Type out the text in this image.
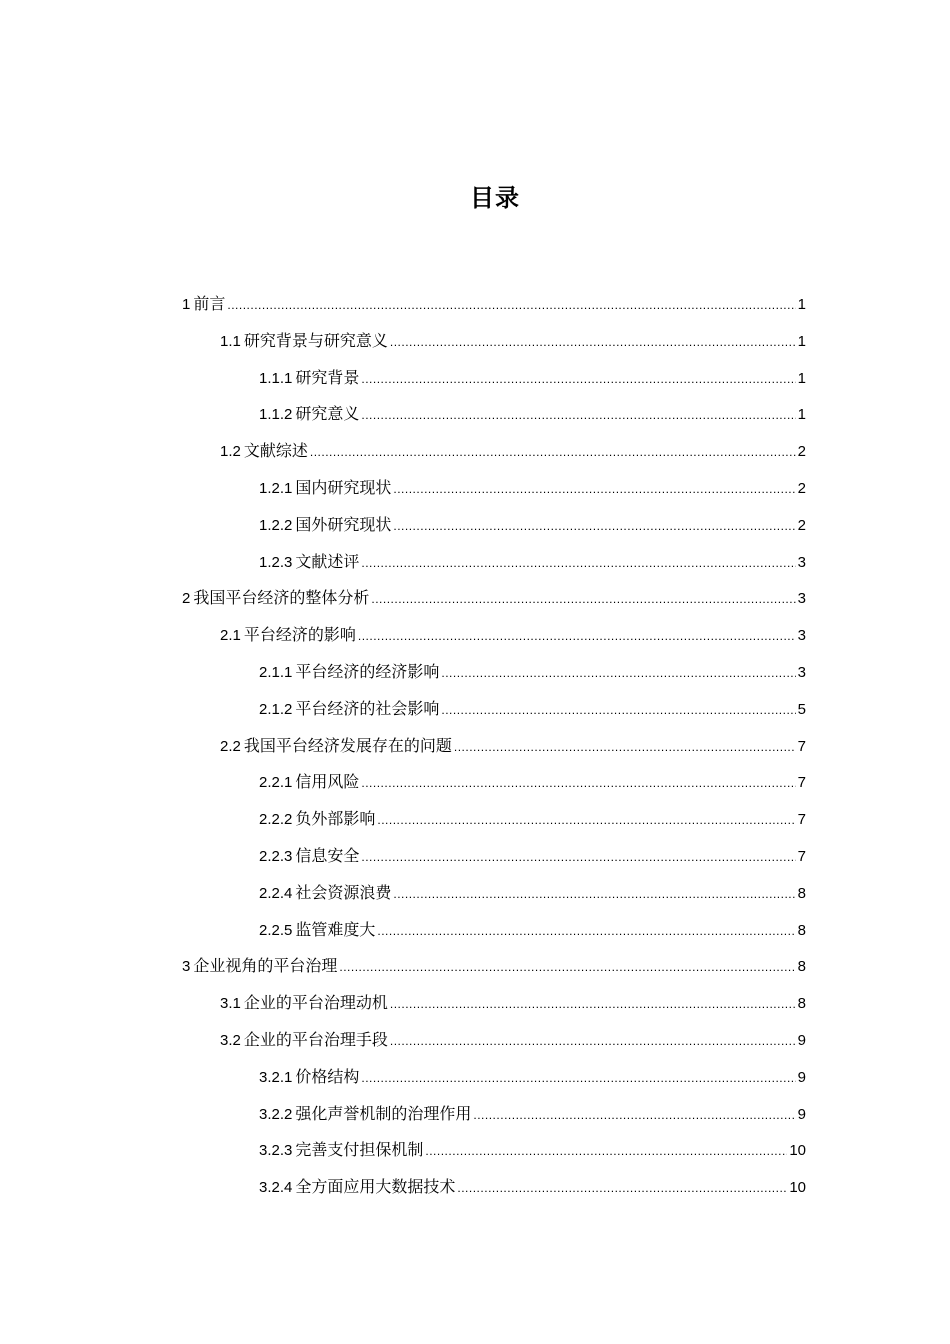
目录
1 前言 .....	1
1.1 研究背景与研究意义 .....	1
1.1.1 研究背景 .....	1
1.1.2 研究意义 .....	1
1.2 文献综述 .....	2
1.2.1 国内研究现状 .....	2
1.2.2 国外研究现状 .....	2
1.2.3 文献述评 .....	3
2 我国平台经济的整体分析 .....	3
2.1 平台经济的影响 .....	3
2.1.1 平台经济的经济影响 .....	3
2.1.2 平台经济的社会影响 .....	5
2.2 我国平台经济发展存在的问题 .....	7
2.2.1 信用风险 .....	7
2.2.2 负外部影响 .....	7
2.2.3 信息安全 .....	7
2.2.4 社会资源浪费 .....	8
2.2.5 监管难度大 .....	8
3 企业视角的平台治理 .....	8
3.1 企业的平台治理动机 .....	8
3.2 企业的平台治理手段 .....	9
3.2.1 价格结构 .....	9
3.2.2 强化声誉机制的治理作用 .....	9
3.2.3 完善支付担保机制 .....	10
3.2.4 全方面应用大数据技术 .....	10
